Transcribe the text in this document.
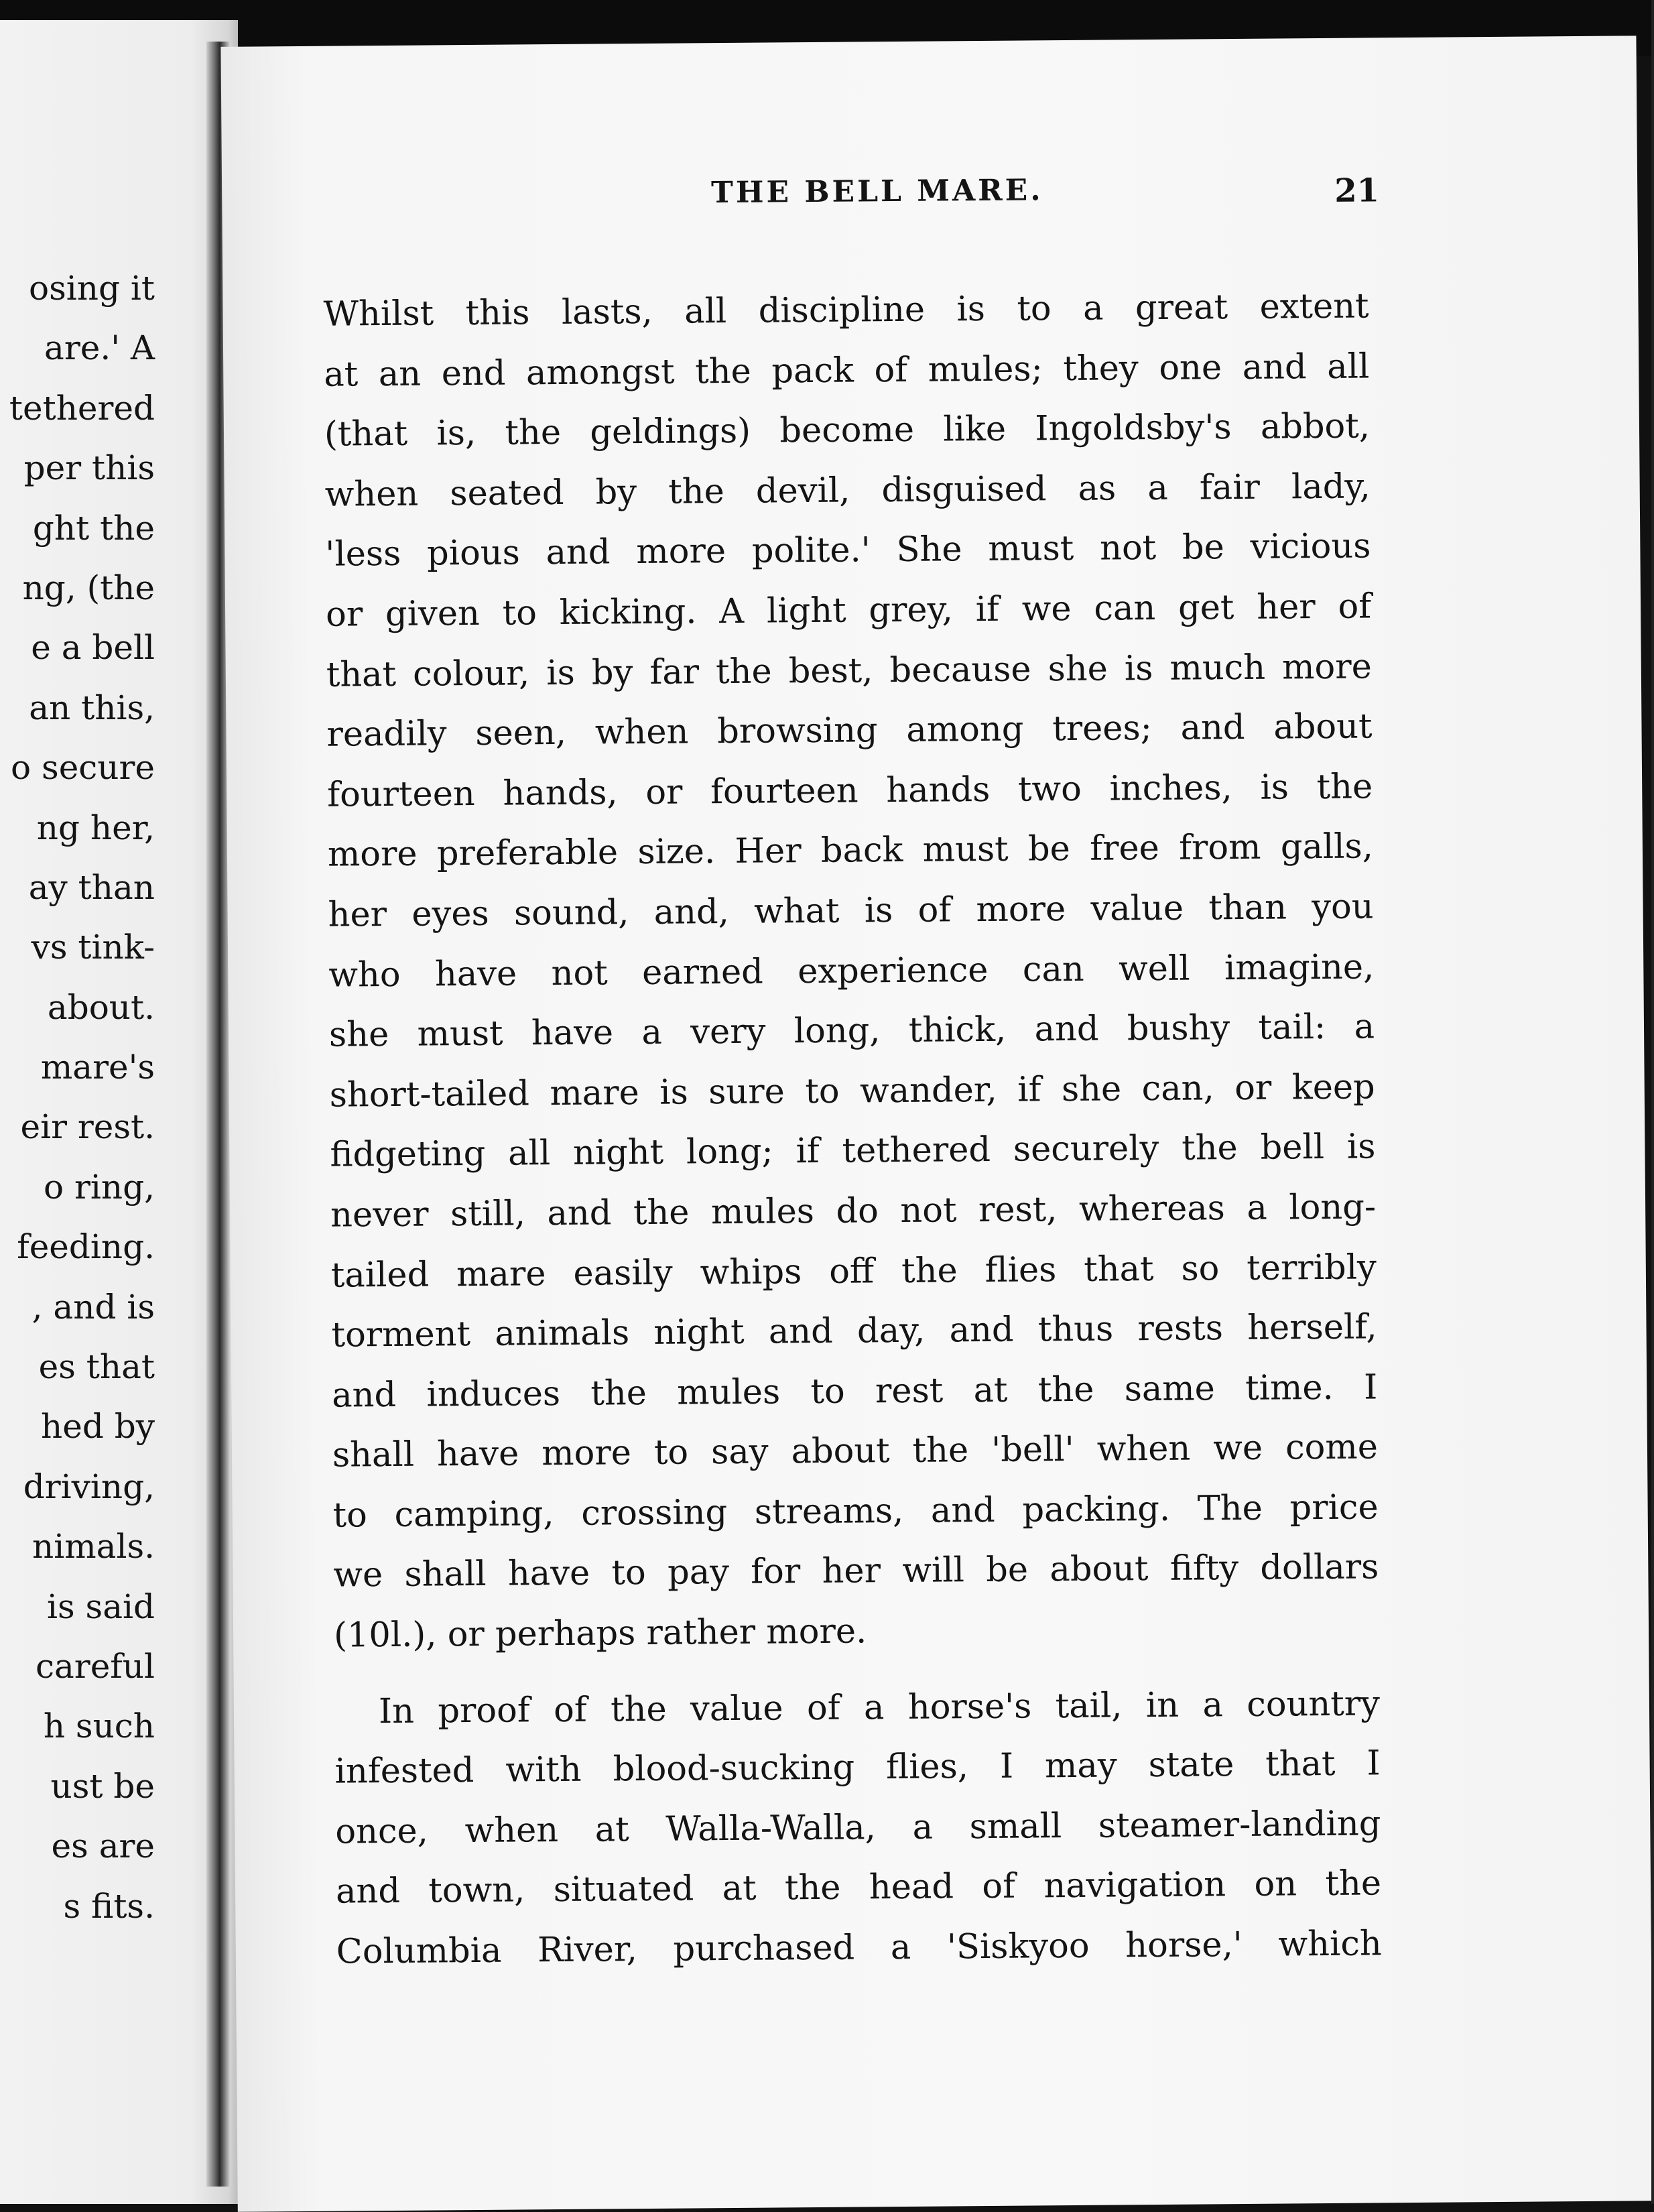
osing it
are.' A
tethered
per this
ght the
ng, (the
e a bell
an this,
o secure
ng her,
ay than
vs tink-
about.
mare's
eir rest.
o ring,
feeding.
, and is
es that
hed by
driving,
nimals.
is said
careful
h such
ust be
es are
s fits.
THE BELL MARE.	21
Whilst this lasts, all discipline is to a great extent
at an end amongst the pack of mules; they one and all
(that is, the geldings) become like Ingoldsby's abbot,
when seated by the devil, disguised as a fair lady,
'less pious and more polite.' She must not be vicious
or given to kicking. A light grey, if we can get her of
that colour, is by far the best, because she is much more
readily seen, when browsing among trees; and about
fourteen hands, or fourteen hands two inches, is the
more preferable size. Her back must be free from galls,
her eyes sound, and, what is of more value than you
who have not earned experience can well imagine,
she must have a very long, thick, and bushy tail: a
short-tailed mare is sure to wander, if she can, or keep
fidgeting all night long; if tethered securely the bell is
never still, and the mules do not rest, whereas a long-
tailed mare easily whips off the flies that so terribly
torment animals night and day, and thus rests herself,
and induces the mules to rest at the same time. I
shall have more to say about the 'bell' when we come
to camping, crossing streams, and packing. The price
we shall have to pay for her will be about fifty dollars
(10l.), or perhaps rather more.
In proof of the value of a horse's tail, in a country
infested with blood-sucking flies, I may state that I
once, when at Walla-Walla, a small steamer-landing
and town, situated at the head of navigation on the
Columbia River, purchased a 'Siskyoo horse,' which
